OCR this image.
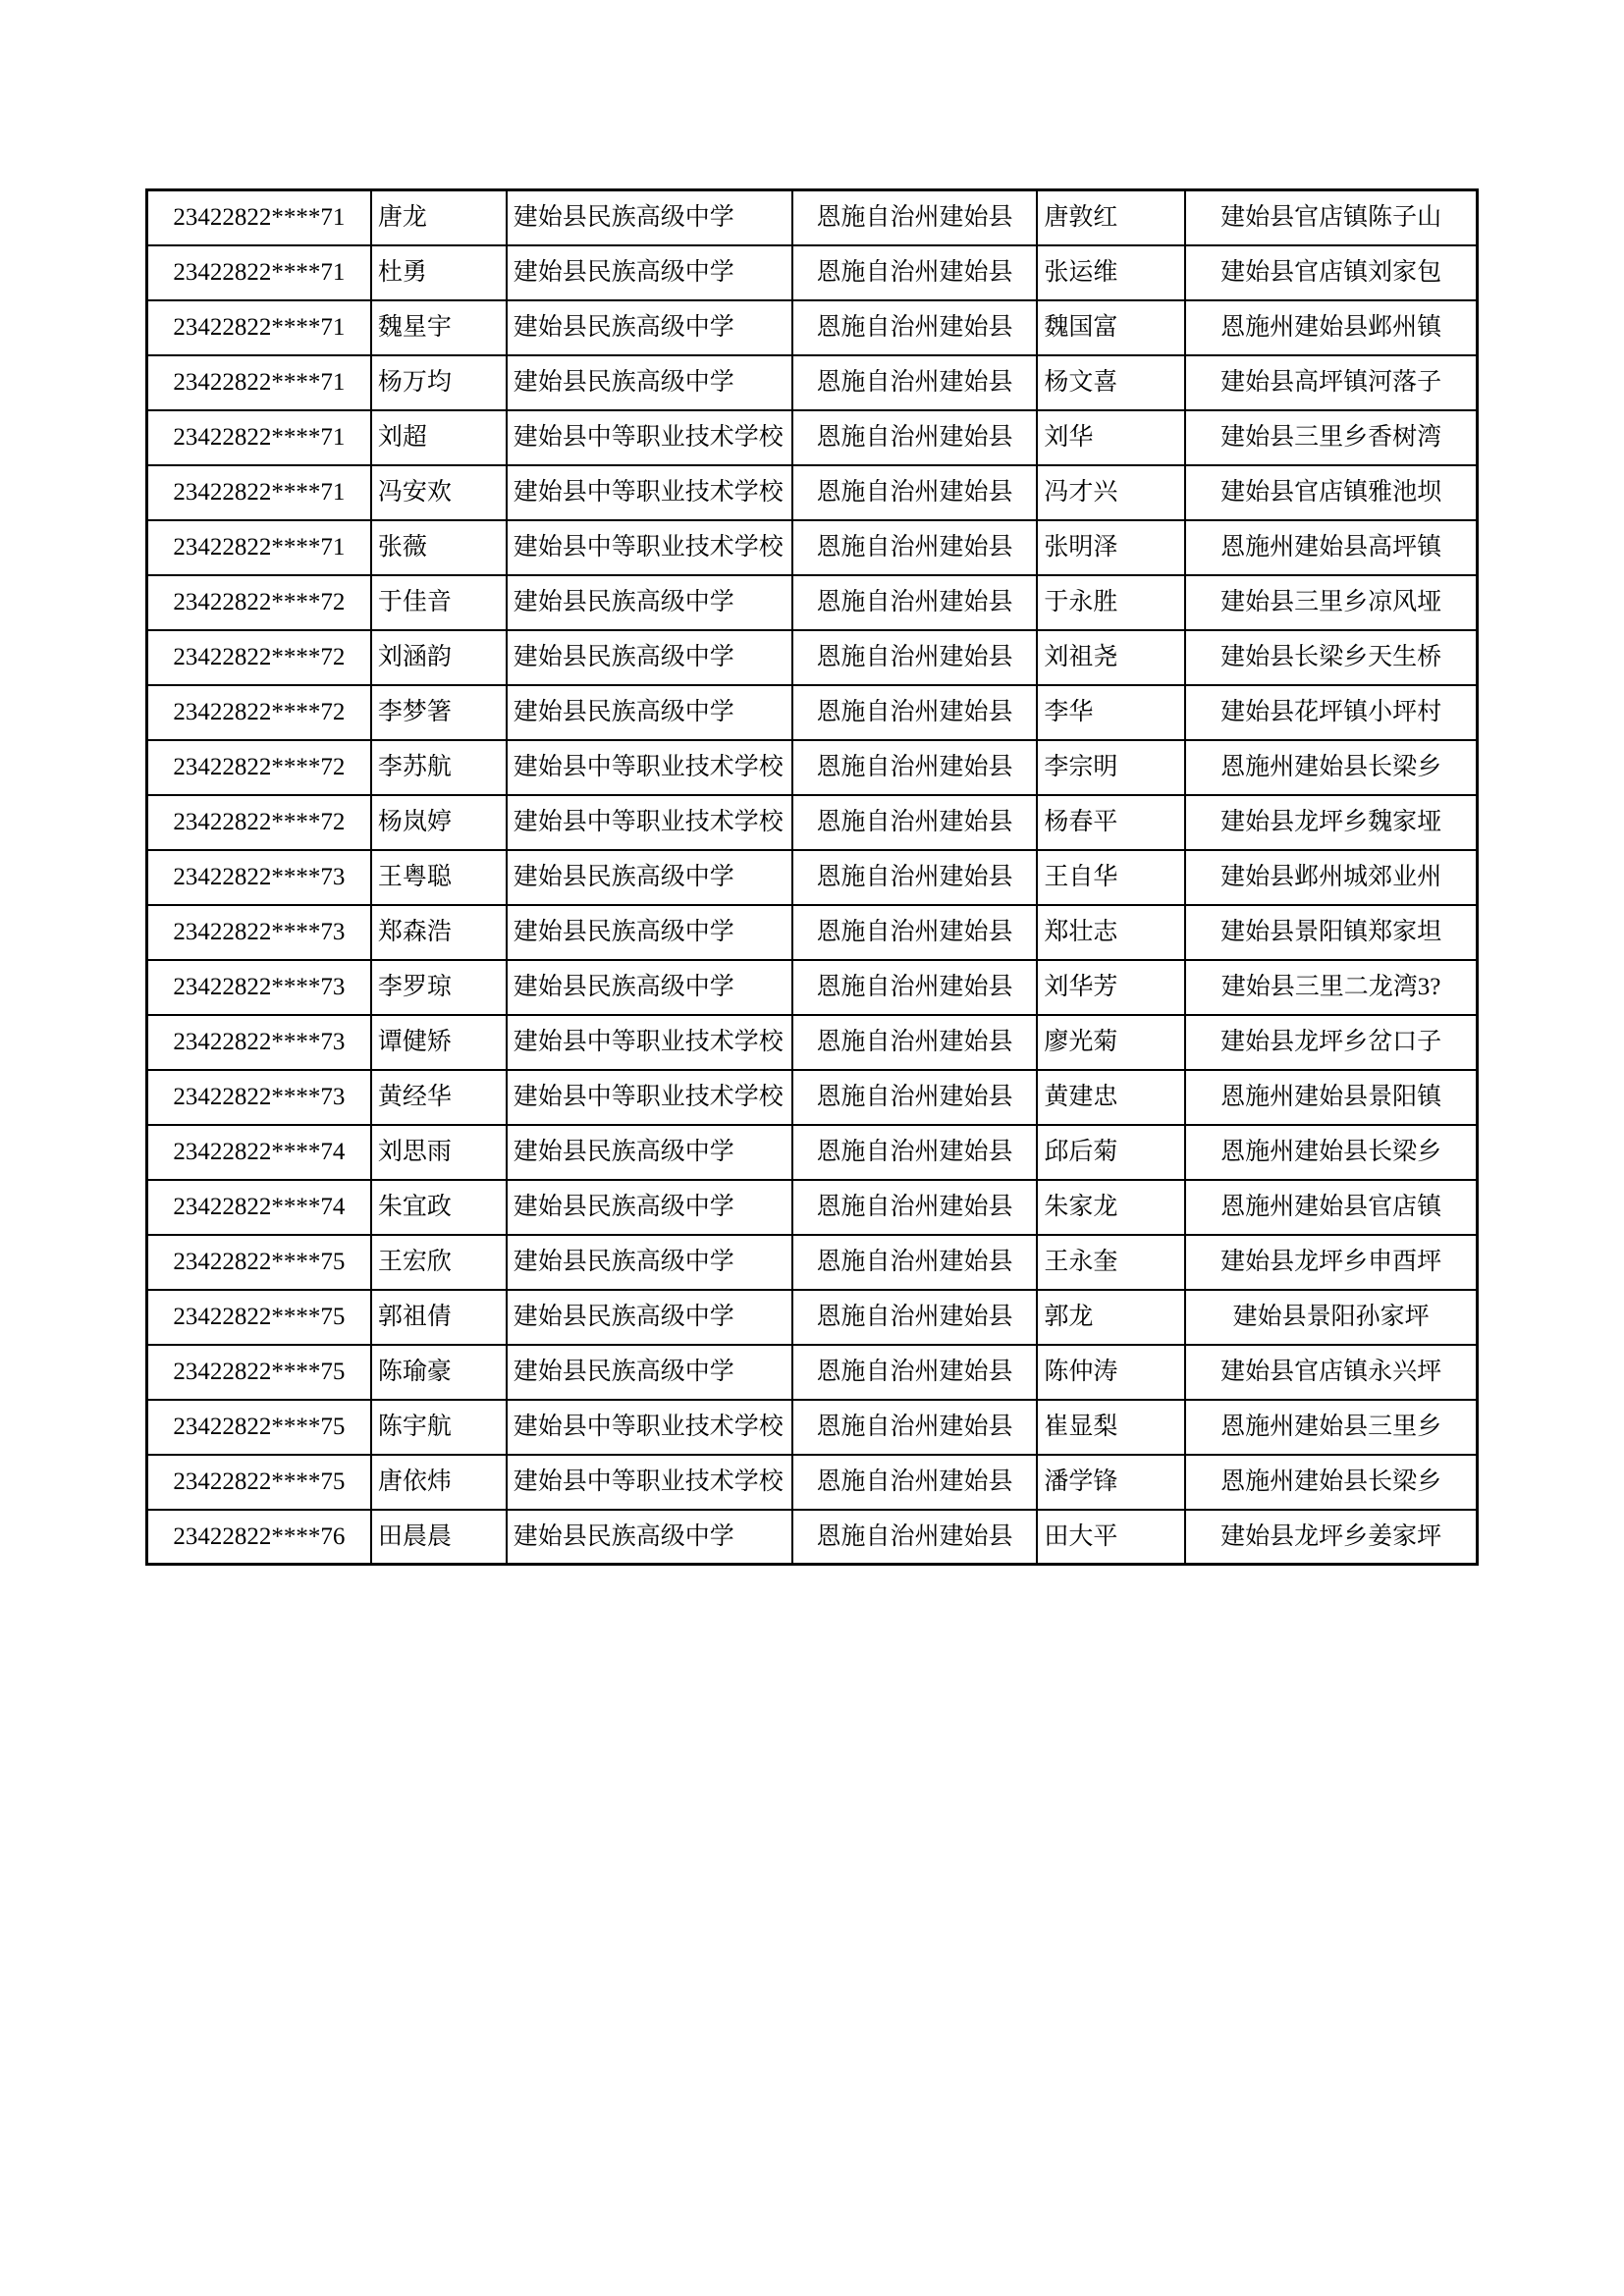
23422822****71	唐龙	建始县民族高级中学	恩施自治州建始县	唐敦红	建始县官店镇陈子山
23422822****71	杜勇	建始县民族高级中学	恩施自治州建始县	张运维	建始县官店镇刘家包
23422822****71	魏星宇	建始县民族高级中学	恩施自治州建始县	魏国富	恩施州建始县邺州镇
23422822****71	杨万均	建始县民族高级中学	恩施自治州建始县	杨文喜	建始县高坪镇河落子
23422822****71	刘超	建始县中等职业技术学校	恩施自治州建始县	刘华	建始县三里乡香树湾
23422822****71	冯安欢	建始县中等职业技术学校	恩施自治州建始县	冯才兴	建始县官店镇雅池坝
23422822****71	张薇	建始县中等职业技术学校	恩施自治州建始县	张明泽	恩施州建始县高坪镇
23422822****72	于佳音	建始县民族高级中学	恩施自治州建始县	于永胜	建始县三里乡凉风垭
23422822****72	刘涵韵	建始县民族高级中学	恩施自治州建始县	刘祖尧	建始县长梁乡天生桥
23422822****72	李梦箸	建始县民族高级中学	恩施自治州建始县	李华	建始县花坪镇小坪村
23422822****72	李苏航	建始县中等职业技术学校	恩施自治州建始县	李宗明	恩施州建始县长梁乡
23422822****72	杨岚婷	建始县中等职业技术学校	恩施自治州建始县	杨春平	建始县龙坪乡魏家垭
23422822****73	王粤聪	建始县民族高级中学	恩施自治州建始县	王自华	建始县邺州城郊业州
23422822****73	郑森浩	建始县民族高级中学	恩施自治州建始县	郑壮志	建始县景阳镇郑家坦
23422822****73	李罗琼	建始县民族高级中学	恩施自治州建始县	刘华芳	建始县三里二龙湾3?
23422822****73	谭健矫	建始县中等职业技术学校	恩施自治州建始县	廖光菊	建始县龙坪乡岔口子
23422822****73	黄经华	建始县中等职业技术学校	恩施自治州建始县	黄建忠	恩施州建始县景阳镇
23422822****74	刘思雨	建始县民族高级中学	恩施自治州建始县	邱后菊	恩施州建始县长梁乡
23422822****74	朱宜政	建始县民族高级中学	恩施自治州建始县	朱家龙	恩施州建始县官店镇
23422822****75	王宏欣	建始县民族高级中学	恩施自治州建始县	王永奎	建始县龙坪乡申酉坪
23422822****75	郭祖倩	建始县民族高级中学	恩施自治州建始县	郭龙	建始县景阳孙家坪
23422822****75	陈瑜豪	建始县民族高级中学	恩施自治州建始县	陈仲涛	建始县官店镇永兴坪
23422822****75	陈宇航	建始县中等职业技术学校	恩施自治州建始县	崔显梨	恩施州建始县三里乡
23422822****75	唐依炜	建始县中等职业技术学校	恩施自治州建始县	潘学锋	恩施州建始县长梁乡
23422822****76	田晨晨	建始县民族高级中学	恩施自治州建始县	田大平	建始县龙坪乡姜家坪
